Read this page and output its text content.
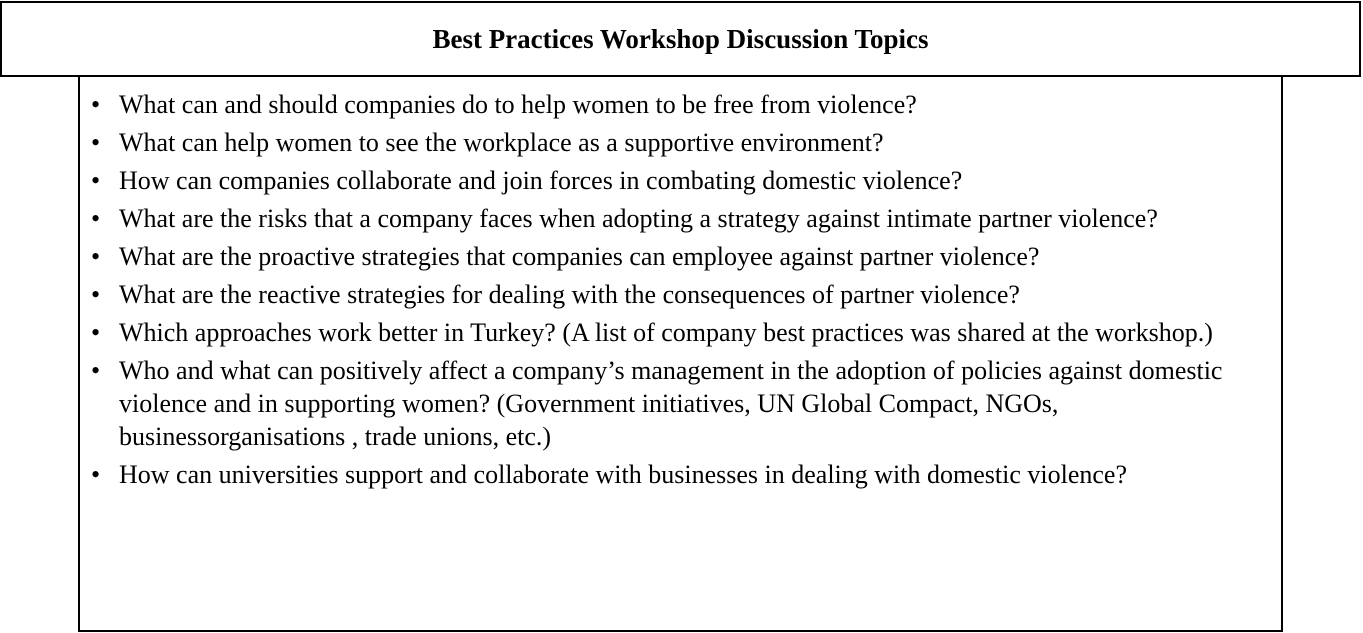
Best Practices Workshop Discussion Topics
• What can and should companies do to help women to be free from violence?
• What can help women to see the workplace as a supportive environment?
• How can companies collaborate and join forces in combating domestic violence?
• What are the risks that a company faces when adopting a strategy against intimate partner violence?
• What are the proactive strategies that companies can employee against partner violence?
• What are the reactive strategies for dealing with the consequences of partner violence?
• Which approaches work better in Turkey? (A list of company best practices was shared at the workshop.)
• Who and what can positively affect a company’s management in the adoption of policies against domestic violence and in supporting women? (Government initiatives, UN Global Compact, NGOs, businessorganisations , trade unions, etc.)
• How can universities support and collaborate with businesses in dealing with domestic violence?
